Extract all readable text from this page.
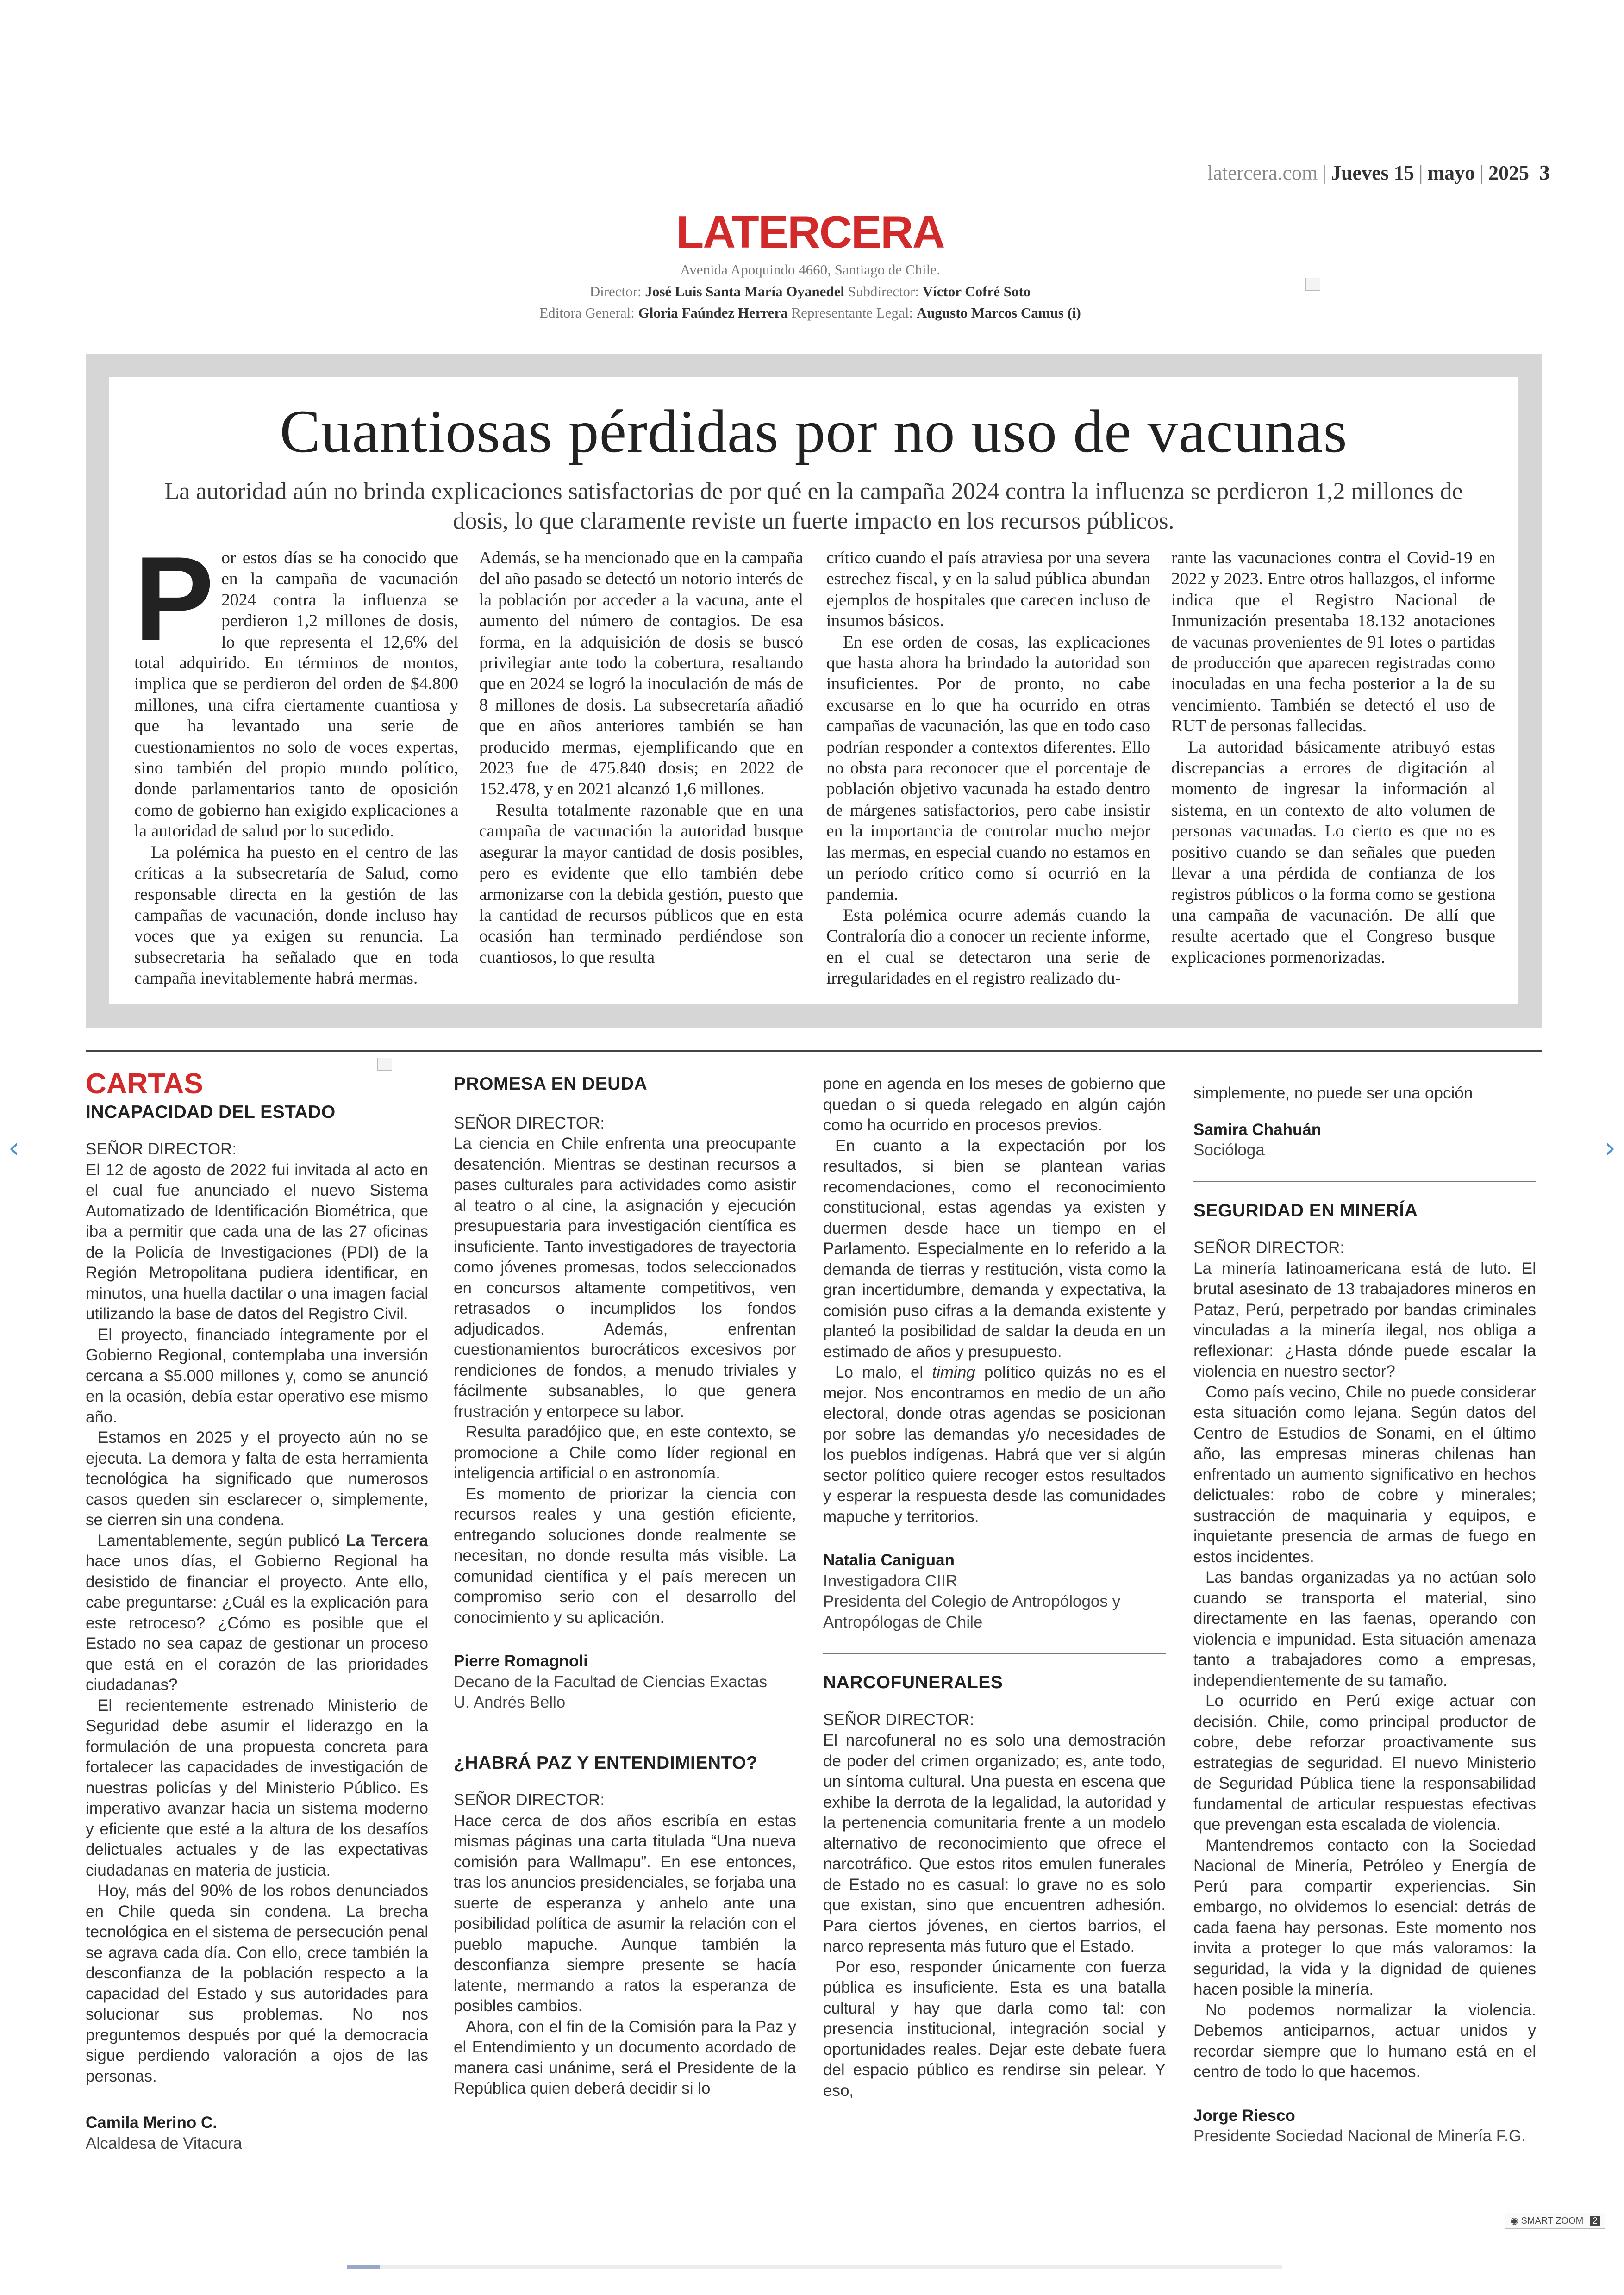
latercera.com | Jueves 15 | mayo | 2025 3
LATERCERA
Avenida Apoquindo 4660, Santiago de Chile.
Director: José Luis Santa María Oyanedel Subdirector: Víctor Cofré Soto
Editora General: Gloria Faúndez Herrera Representante Legal: Augusto Marcos Camus (i)
Cuantiosas pérdidas por no uso de vacunas
La autoridad aún no brinda explicaciones satisfactorias de por qué en la campaña 2024 contra la influenza se perdieron 1,2 millones de dosis, lo que claramente reviste un fuerte impacto en los recursos públicos.
P or estos días se ha conocido que en la campaña de vacunación 2024 contra la influenza se perdieron 1,2 millones de dosis, lo que representa el 12,6% del total adquirido. En términos de montos, implica que se perdieron del orden de $4.800 millones, una cifra ciertamente cuantiosa y que ha levantado una serie de cuestionamientos no solo de voces expertas, sino también del propio mundo político, donde parlamentarios tanto de oposición como de gobierno han exigido explicaciones a la autoridad de salud por lo sucedido.

La polémica ha puesto en el centro de las críticas a la subsecretaría de Salud, como responsable directa en la gestión de las campañas de vacunación, donde incluso hay voces que ya exigen su renuncia. La subsecretaria ha señalado que en toda campaña inevitablemente habrá mermas.

Además, se ha mencionado que en la campaña del año pasado se detectó un notorio interés de la población por acceder a la vacuna, ante el aumento del número de contagios. De esa forma, en la adquisición de dosis se buscó privilegiar ante todo la cobertura, resaltando que en 2024 se logró la inoculación de más de 8 millones de dosis. La subsecretaría añadió que en años anteriores también se han producido mermas, ejemplificando que en 2023 fue de 475.840 dosis; en 2022 de 152.478, y en 2021 alcanzó 1,6 millones.

Resulta totalmente razonable que en una campaña de vacunación la autoridad busque asegurar la mayor cantidad de dosis posibles, pero es evidente que ello también debe armonizarse con la debida gestión, puesto que la cantidad de recursos públicos que en esta ocasión han terminado perdiéndose son cuantiosos, lo que resulta

crítico cuando el país atraviesa por una severa estrechez fiscal, y en la salud pública abundan ejemplos de hospitales que carecen incluso de insumos básicos.

En ese orden de cosas, las explicaciones que hasta ahora ha brindado la autoridad son insuficientes. Por de pronto, no cabe excusarse en lo que ha ocurrido en otras campañas de vacunación, las que en todo caso podrían responder a contextos diferentes. Ello no obsta para reconocer que el porcentaje de población objetivo vacunada ha estado dentro de márgenes satisfactorios, pero cabe insistir en la importancia de controlar mucho mejor las mermas, en especial cuando no estamos en un período crítico como sí ocurrió en la pandemia.

Esta polémica ocurre además cuando la Contraloría dio a conocer un reciente informe, en el cual se detectaron una serie de irregularidades en el registro realizado du-

rante las vacunaciones contra el Covid-19 en 2022 y 2023. Entre otros hallazgos, el informe indica que el Registro Nacional de Inmunización presentaba 18.132 anotaciones de vacunas provenientes de 91 lotes o partidas de producción que aparecen registradas como inoculadas en una fecha posterior a la de su vencimiento. También se detectó el uso de RUT de personas fallecidas.

La autoridad básicamente atribuyó estas discrepancias a errores de digitación al momento de ingresar la información al sistema, en un contexto de alto volumen de personas vacunadas. Lo cierto es que no es positivo cuando se dan señales que pueden llevar a una pérdida de confianza de los registros públicos o la forma como se gestiona una campaña de vacunación. De allí que resulte acertado que el Congreso busque explicaciones pormenorizadas.

CARTAS
INCAPACIDAD DEL ESTADO

SEÑOR DIRECTOR:

El 12 de agosto de 2022 fui invitada al acto en el cual fue anunciado el nuevo Sistema Automatizado de Identificación Biométrica, que iba a permitir que cada una de las 27 oficinas de la Policía de Investigaciones (PDI) de la Región Metropolitana pudiera identificar, en minutos, una huella dactilar o una imagen facial utilizando la base de datos del Registro Civil.

El proyecto, financiado íntegramente por el Gobierno Regional, contemplaba una inversión cercana a $5.000 millones y, como se anunció en la ocasión, debía estar operativo ese mismo año.

Estamos en 2025 y el proyecto aún no se ejecuta. La demora y falta de esta herramienta tecnológica ha significado que numerosos casos queden sin esclarecer o, simplemente, se cierren sin una condena.

Lamentablemente, según publicó La Tercera hace unos días, el Gobierno Regional ha desistido de financiar el proyecto. Ante ello, cabe preguntarse: ¿Cuál es la explicación para este retroceso? ¿Cómo es posible que el Estado no sea capaz de gestionar un proceso que está en el corazón de las prioridades ciudadanas?

El recientemente estrenado Ministerio de Seguridad debe asumir el liderazgo en la formulación de una propuesta concreta para fortalecer las capacidades de investigación de nuestras policías y del Ministerio Público. Es imperativo avanzar hacia un sistema moderno y eficiente que esté a la altura de los desafíos delictuales actuales y de las expectativas ciudadanas en materia de justicia.

Hoy, más del 90% de los robos denunciados en Chile queda sin condena. La brecha tecnológica en el sistema de persecución penal se agrava cada día. Con ello, crece también la desconfianza de la población respecto a la capacidad del Estado y sus autoridades para solucionar sus problemas. No nos preguntemos después por qué la democracia sigue perdiendo valoración a ojos de las personas.

Camila Merino C.
Alcaldesa de Vitacura
PROMESA EN DEUDA

SEÑOR DIRECTOR:

La ciencia en Chile enfrenta una preocupante desatención. Mientras se destinan recursos a pases culturales para actividades como asistir al teatro o al cine, la asignación y ejecución presupuestaria para investigación científica es insuficiente. Tanto investigadores de trayectoria como jóvenes promesas, todos seleccionados en concursos altamente competitivos, ven retrasados o incumplidos los fondos adjudicados. Además, enfrentan cuestionamientos burocráticos excesivos por rendiciones de fondos, a menudo triviales y fácilmente subsanables, lo que genera frustración y entorpece su labor.

Resulta paradójico que, en este contexto, se promocione a Chile como líder regional en inteligencia artificial o en astronomía.

Es momento de priorizar la ciencia con recursos reales y una gestión eficiente, entregando soluciones donde realmente se necesitan, no donde resulta más visible. La comunidad científica y el país merecen un compromiso serio con el desarrollo del conocimiento y su aplicación.

Pierre Romagnoli
Decano de la Facultad de Ciencias Exactas
U. Andrés Bello
¿HABRÁ PAZ Y ENTENDIMIENTO?

SEÑOR DIRECTOR:

Hace cerca de dos años escribía en estas mismas páginas una carta titulada “Una nueva comisión para Wallmapu”. En ese entonces, tras los anuncios presidenciales, se forjaba una suerte de esperanza y anhelo ante una posibilidad política de asumir la relación con el pueblo mapuche. Aunque también la desconfianza siempre presente se hacía latente, mermando a ratos la esperanza de posibles cambios.

Ahora, con el fin de la Comisión para la Paz y el Entendimiento y un documento acordado de manera casi unánime, será el Presidente de la República quien deberá decidir si lo

pone en agenda en los meses de gobierno que quedan o si queda relegado en algún cajón como ha ocurrido en procesos previos.

En cuanto a la expectación por los resultados, si bien se plantean varias recomendaciones, como el reconocimiento constitucional, estas agendas ya existen y duermen desde hace un tiempo en el Parlamento. Especialmente en lo referido a la demanda de tierras y restitución, vista como la gran incertidumbre, demanda y expectativa, la comisión puso cifras a la demanda existente y planteó la posibilidad de saldar la deuda en un estimado de años y presupuesto.

Lo malo, el timing político quizás no es el mejor. Nos encontramos en medio de un año electoral, donde otras agendas se posicionan por sobre las demandas y/o necesidades de los pueblos indígenas. Habrá que ver si algún sector político quiere recoger estos resultados y esperar la respuesta desde las comunidades mapuche y territorios.

Natalia Caniguan
Investigadora CIIR
Presidenta del Colegio de Antropólogos y Antropólogas de Chile
NARCOFUNERALES

SEÑOR DIRECTOR:

El narcofuneral no es solo una demostración de poder del crimen organizado; es, ante todo, un síntoma cultural. Una puesta en escena que exhibe la derrota de la legalidad, la autoridad y la pertenencia comunitaria frente a un modelo alternativo de reconocimiento que ofrece el narcotráfico. Que estos ritos emulen funerales de Estado no es casual: lo grave no es solo que existan, sino que encuentren adhesión. Para ciertos jóvenes, en ciertos barrios, el narco representa más futuro que el Estado.

Por eso, responder únicamente con fuerza pública es insuficiente. Esta es una batalla cultural y hay que darla como tal: con presencia institucional, integración social y oportunidades reales. Dejar este debate fuera del espacio público es rendirse sin pelear. Y eso,

simplemente, no puede ser una opción

Samira Chahuán
Socióloga
SEGURIDAD EN MINERÍA

SEÑOR DIRECTOR:

La minería latinoamericana está de luto. El brutal asesinato de 13 trabajadores mineros en Pataz, Perú, perpetrado por bandas criminales vinculadas a la minería ilegal, nos obliga a reflexionar: ¿Hasta dónde puede escalar la violencia en nuestro sector?

Como país vecino, Chile no puede considerar esta situación como lejana. Según datos del Centro de Estudios de Sonami, en el último año, las empresas mineras chilenas han enfrentado un aumento significativo en hechos delictuales: robo de cobre y minerales; sustracción de maquinaria y equipos, e inquietante presencia de armas de fuego en estos incidentes.

Las bandas organizadas ya no actúan solo cuando se transporta el material, sino directamente en las faenas, operando con violencia e impunidad. Esta situación amenaza tanto a trabajadores como a empresas, independientemente de su tamaño.

Lo ocurrido en Perú exige actuar con decisión. Chile, como principal productor de cobre, debe reforzar proactivamente sus estrategias de seguridad. El nuevo Ministerio de Seguridad Pública tiene la responsabilidad fundamental de articular respuestas efectivas que prevengan esta escalada de violencia.

Mantendremos contacto con la Sociedad Nacional de Minería, Petróleo y Energía de Perú para compartir experiencias. Sin embargo, no olvidemos lo esencial: detrás de cada faena hay personas. Este momento nos invita a proteger lo que más valoramos: la seguridad, la vida y la dignidad de quienes hacen posible la minería.

No podemos normalizar la violencia. Debemos anticiparnos, actuar unidos y recordar siempre que lo humano está en el centro de todo lo que hacemos.

Jorge Riesco
Presidente Sociedad Nacional de Minería F.G.
‹	›
◉ SMART ZOOM 2
